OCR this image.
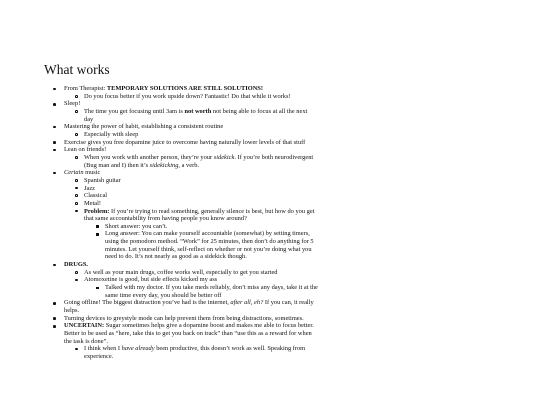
What works
From Therapist: TEMPORARY SOLUTIONS ARE STILL SOLUTIONS!
Do you focus better if you work upside down? Fantastic! Do that while it works!
Sleep!
The time you get focusing until 3am is not worth not being able to focus at all the next day
Mastering the power of habit, establishing a consistent routine
Especially with sleep
Exercise gives you free dopamine juice to overcome having naturally lower levels of that stuff
Lean on friends!
When you work with another person, they’re your sidekick. If you’re both neurodivergent (Bug man and I) then it’s sidekicking, a verb.
Certain music
Spanish guitar
Jazz
Classical
Metal!
Problem: If you’re trying to read something, generally silence is best, but how do you get that same accountability from having people you know around?
Short answer: you can’t.
Long answer: You can make yourself accountable (somewhat) by setting timers, using the pomodoro method. “Work” for 25 minutes, then don’t do anything for 5 minutes. Let yourself think, self-reflect on whether or not you’re doing what you need to do. It’s not nearly as good as a sidekick though.
DRUGS.
As well as your main drugs, coffee works well, especially to get you started
Atomoxetine is good, but side effects kicked my ass
Talked with my doctor. If you take meds reliably, don’t miss any days, take it at the same time every day, you should be better off
Going offline! The biggest distraction you’ve had is the internet, after all, eh? If you can, it really helps.
Turning devices to greystyle mode can help prevent them from being distractions, sometimes.
UNCERTAIN: Sugar sometimes helps give a dopamine boost and makes me able to focus better. Better to be used as “here, take this to get you back on track” than “use this as a reward for when the task is done”.
I think when I have already been productive, this doesn’t work as well. Speaking from experience.
